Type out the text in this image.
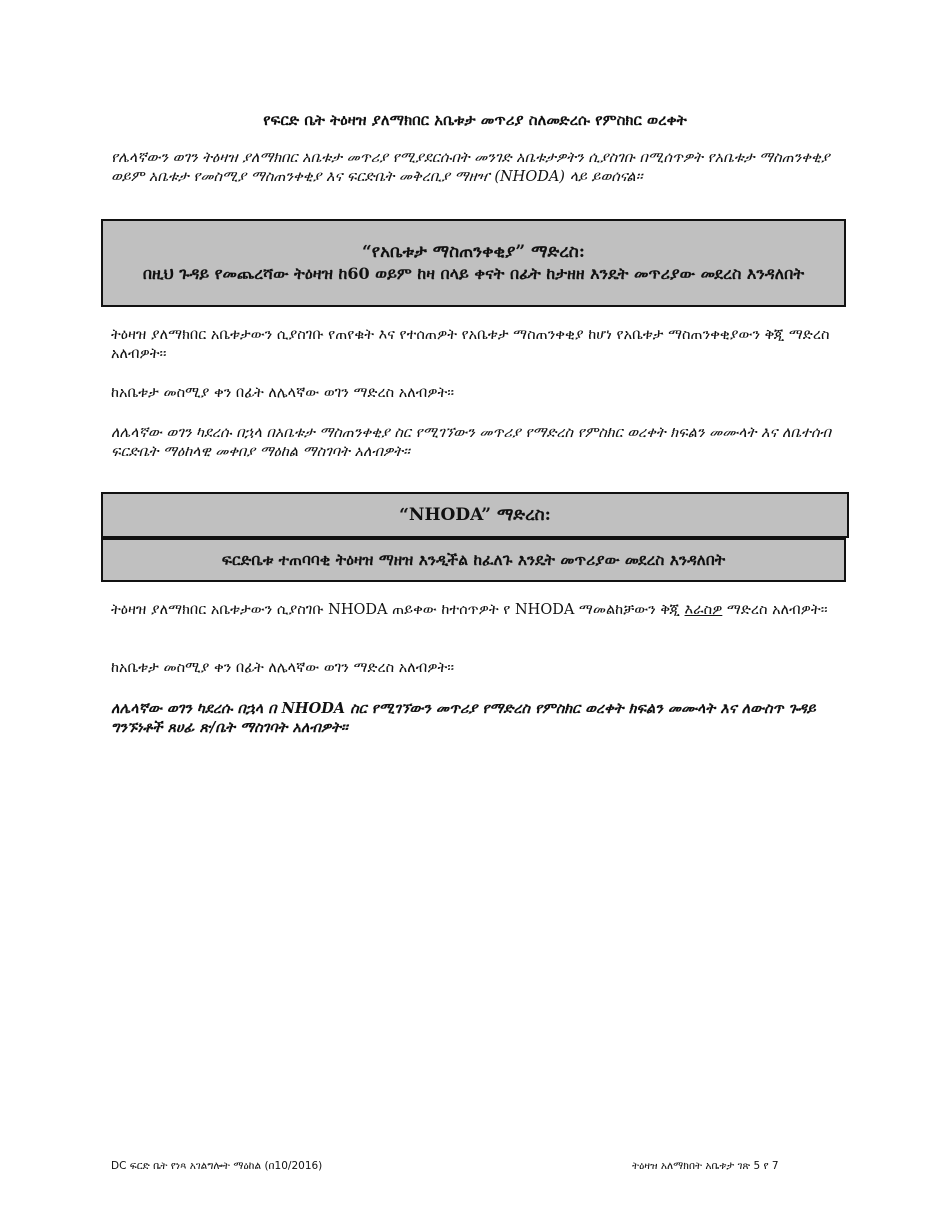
የፍርድ ቤት ትዕዛዝ ያለማክበር አቤቱታ መጥሪያ ስለመድረሱ የምስክር ወረቀት

የሌላኛውን ወገን ትዕዛዝ ያለማክበር አቤቱታ መጥሪያ የሚያደርሱበት መንገድ አቤቱታዎትን ሲያስገቡ በሚሰጥዎት የአቤቱታ ማስጠንቀቂያ ወይም አቤቱታ የመስሚያ ማስጠንቀቂያ እና ፍርድቤት መቅረቢያ ማዘዣ (NHODA) ላይ ይወሰናል፡፡

“የአቤቱታ ማስጠንቀቂያ” ማድረስ:
በዚህ ጉዳይ የመጨረሻው ትዕዛዝ ከ60 ወይም ከዛ በላይ ቀናት በፊት ከታዘዘ እንዴት መጥሪያው መደረስ እንዳለበት

ትዕዛዝ ያለማክበር አቤቱታውን ሲያስገቡ የጠየቁት እና የተሰጠዎት የአቤቱታ ማስጠንቀቂያ ከሆነ የአቤቱታ ማስጠንቀቂያውን ቅጂ ማድረስ አለብዎት፡፡

ከአቤቱታ መስሚያ ቀን በፊት ለሌላኛው ወገን ማድረስ አለብዎት፡፡

ለሌላኛው ወገን ካደረሱ በኋላ በአቤቱታ ማስጠንቀቂያ ስር የሚገኘውን መጥሪያ የማድረስ የምስክር ወረቀት ክፍልን መሙላት እና ለቤተሰብ ፍርድቤት ማዕከላዊ መቀበያ ማዕከል ማስገባት አለብዎት፡፡

“NHODA” ማድረስ:
ፍርድቤቱ ተጠባባቂ ትዕዛዝ ማዘዝ እንዲችል ከፈለጉ እንዴት መጥሪያው መደረስ እንዳለበት

ትዕዛዝ ያለማክበር አቤቱታውን ሲያስገቡ NHODA ጠይቀው ከተሰጥዎት የ NHODA ማመልከቻውን ቅጂ እራስዎ ማድረስ አለብዎት፡፡

ከአቤቱታ መስሚያ ቀን በፊት ለሌላኛው ወገን ማድረስ አለብዎት፡፡

ለሌላኛው ወገን ካደረሱ በኋላ በ NHODA ስር የሚገኘውን መጥሪያ የማድረስ የምስክር ወረቀት ክፍልን መሙላት እና ለውስጥ ጉዳይ ግንኙነቶች ጸሀፊ ጽ/ቤት ማስገባት አለብዎት፡፡

DC ፍርድ ቤት የነጻ አገልግሎት ማዕከል (በ10/2016)	ትዕዛዝ አለማክበት አቤቱታ ገጽ 5 የ 7
